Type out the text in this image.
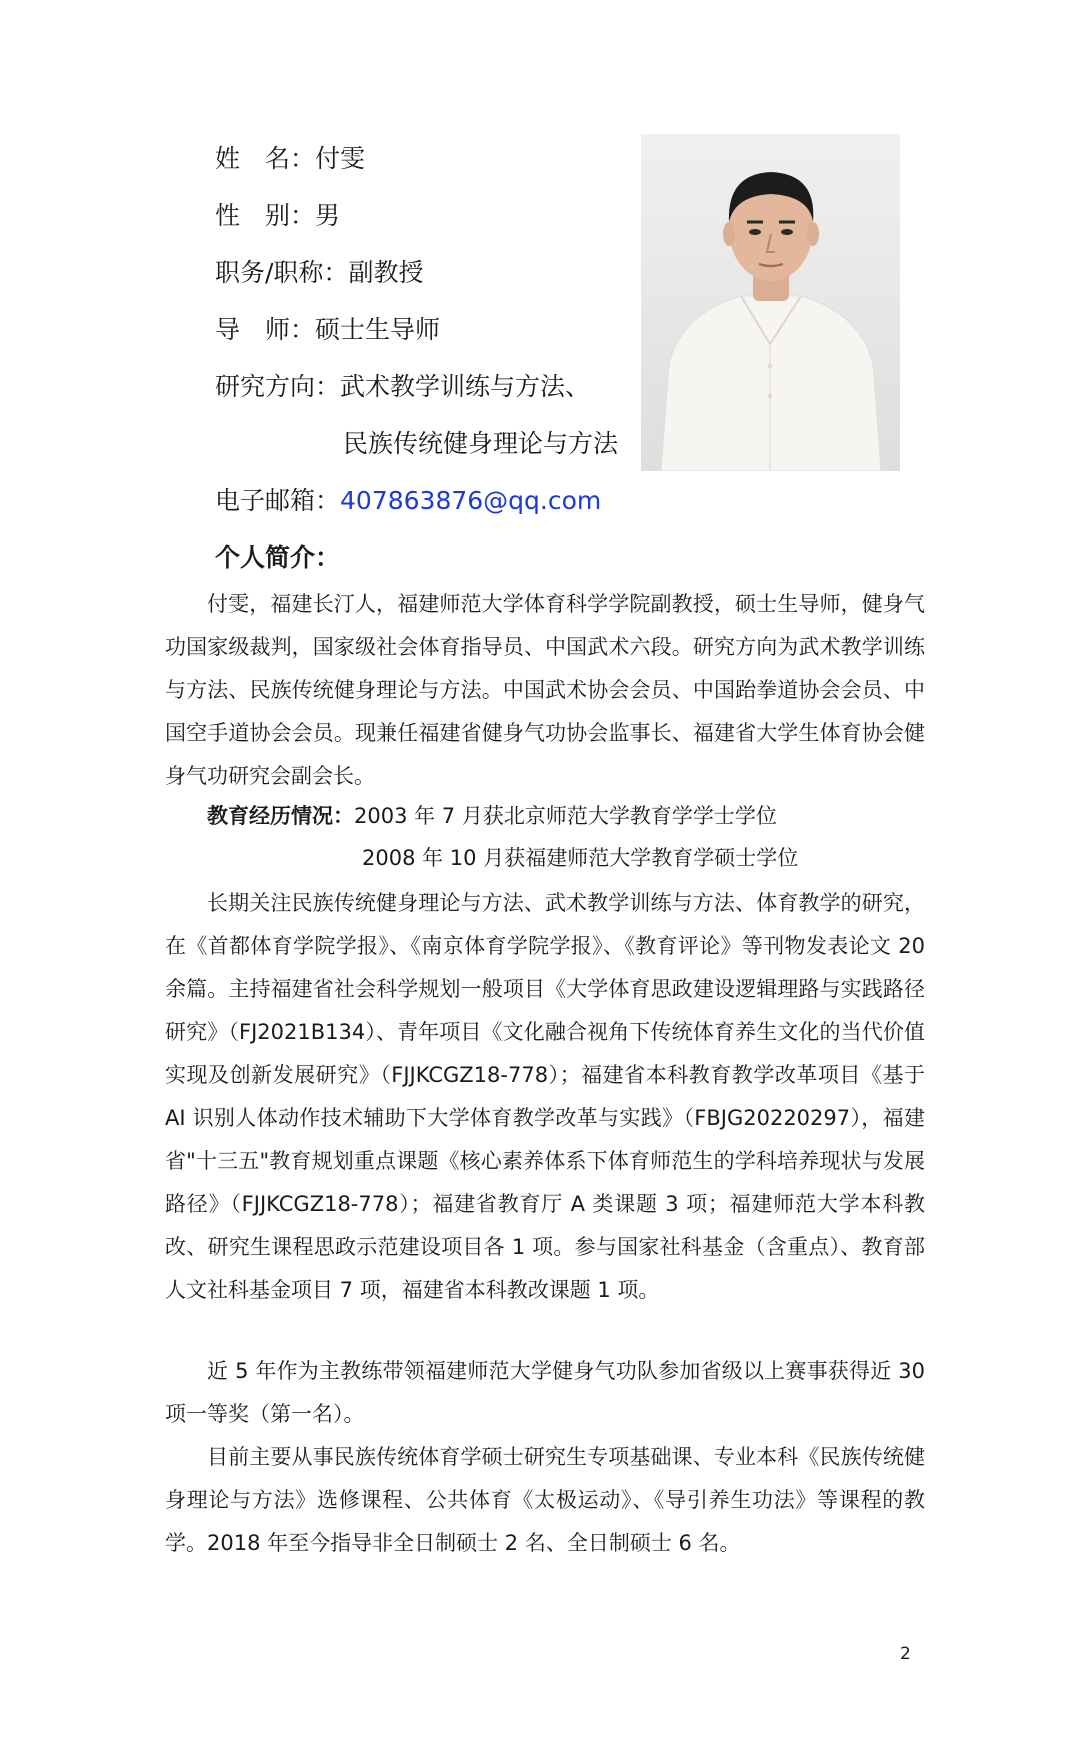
姓　名：付雯
性　别：男
职务/职称：副教授
导　师：硕士生导师
研究方向：武术教学训练与方法、
民族传统健身理论与方法
电子邮箱：407863876@qq.com
个人简介：
付雯，福建长汀人，福建师范大学体育科学学院副教授，硕士生导师，健身气功国家级裁判，国家级社会体育指导员、中国武术六段。研究方向为武术教学训练与方法、民族传统健身理论与方法。中国武术协会会员、中国跆拳道协会会员、中国空手道协会会员。现兼任福建省健身气功协会监事长、福建省大学生体育协会健身气功研究会副会长。
教育经历情况：2003 年 7 月获北京师范大学教育学学士学位
2008 年 10 月获福建师范大学教育学硕士学位
长期关注民族传统健身理论与方法、武术教学训练与方法、体育教学的研究，在《首都体育学院学报》、《南京体育学院学报》、《教育评论》等刊物发表论文 20 余篇。主持福建省社会科学规划一般项目《大学体育思政建设逻辑理路与实践路径研究》（FJ2021B134）、青年项目《文化融合视角下传统体育养生文化的当代价值实现及创新发展研究》（FJJKCGZ18-778）；福建省本科教育教学改革项目《基于 AI 识别人体动作技术辅助下大学体育教学改革与实践》（FBJG20220297），福建省"十三五"教育规划重点课题《核心素养体系下体育师范生的学科培养现状与发展路径》（FJJKCGZ18-778）；福建省教育厅 A 类课题 3 项；福建师范大学本科教改、研究生课程思政示范建设项目各 1 项。参与国家社科基金（含重点）、教育部人文社科基金项目 7 项，福建省本科教改课题 1 项。
近 5 年作为主教练带领福建师范大学健身气功队参加省级以上赛事获得近 30 项一等奖（第一名）。
目前主要从事民族传统体育学硕士研究生专项基础课、专业本科《民族传统健身理论与方法》选修课程、公共体育《太极运动》、《导引养生功法》等课程的教学。2018 年至今指导非全日制硕士 2 名、全日制硕士 6 名。
2
